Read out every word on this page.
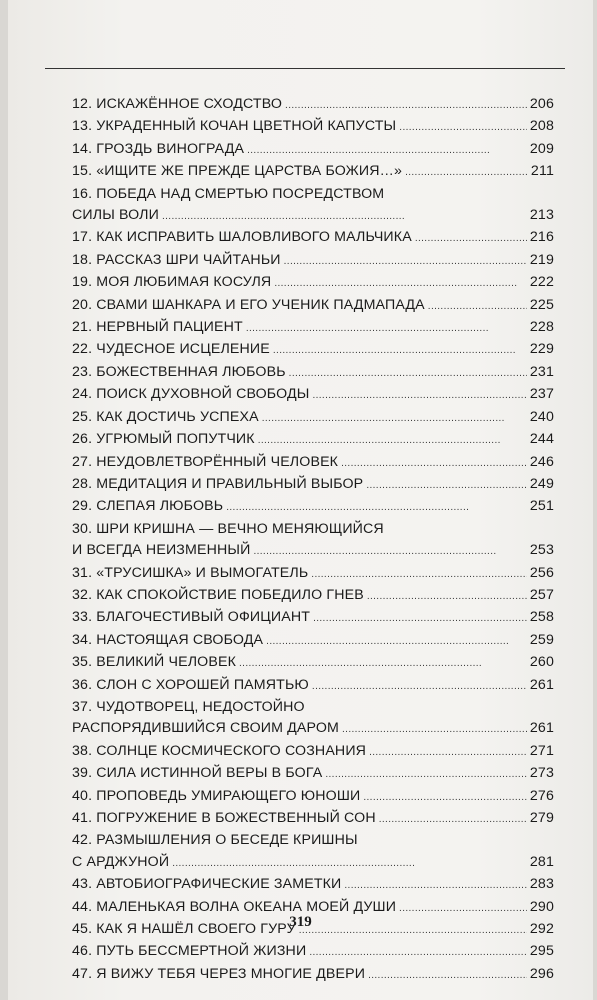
12. ИСКАЖЁННОЕ СХОДСТВО . . .	206
13. УКРАДЕННЫЙ КОЧАН ЦВЕТНОЙ КАПУСТЫ . . .	208
14. ГРОЗДЬ ВИНОГРАДА . . .	209
15. «ИЩИТЕ ЖЕ ПРЕЖДЕ ЦАРСТВА БОЖИЯ…» . . .	211
16. ПОБЕДА НАД СМЕРТЬЮ ПОСРЕДСТВОМ
СИЛЫ ВОЛИ . . .	213
17. КАК ИСПРАВИТЬ ШАЛОВЛИВОГО МАЛЬЧИКА . . .	216
18. РАССКАЗ ШРИ ЧАЙТАНЬИ . . .	219
19. МОЯ ЛЮБИМАЯ КОСУЛЯ . . .	222
20. СВАМИ ШАНКАРА И ЕГО УЧЕНИК ПАДМАПАДА . . .	225
21. НЕРВНЫЙ ПАЦИЕНТ . . .	228
22. ЧУДЕСНОЕ ИСЦЕЛЕНИЕ . . .	229
23. БОЖЕСТВЕННАЯ ЛЮБОВЬ . . .	231
24. ПОИСК ДУХОВНОЙ СВОБОДЫ . . .	237
25. КАК ДОСТИЧЬ УСПЕХА . . .	240
26. УГРЮМЫЙ ПОПУТЧИК . . .	244
27. НЕУДОВЛЕТВОРЁННЫЙ ЧЕЛОВЕК . . .	246
28. МЕДИТАЦИЯ И ПРАВИЛЬНЫЙ ВЫБОР . . .	249
29. СЛЕПАЯ ЛЮБОВЬ . . .	251
30. ШРИ КРИШНА — ВЕЧНО МЕНЯЮЩИЙСЯ
И ВСЕГДА НЕИЗМЕННЫЙ . . .	253
31. «ТРУСИШКА» И ВЫМОГАТЕЛЬ . . .	256
32. КАК СПОКОЙСТВИЕ ПОБЕДИЛО ГНЕВ . . .	257
33. БЛАГОЧЕСТИВЫЙ ОФИЦИАНТ . . .	258
34. НАСТОЯЩАЯ СВОБОДА . . .	259
35. ВЕЛИКИЙ ЧЕЛОВЕК . . .	260
36. СЛОН С ХОРОШЕЙ ПАМЯТЬЮ . . .	261
37. ЧУДОТВОРЕЦ, НЕДОСТОЙНО
РАСПОРЯДИВШИЙСЯ СВОИМ ДАРОМ . . .	261
38. СОЛНЦЕ КОСМИЧЕСКОГО СОЗНАНИЯ . . .	271
39. СИЛА ИСТИННОЙ ВЕРЫ В БОГА . . .	273
40. ПРОПОВЕДЬ УМИРАЮЩЕГО ЮНОШИ . . .	276
41. ПОГРУЖЕНИЕ В БОЖЕСТВЕННЫЙ СОН . . .	279
42. РАЗМЫШЛЕНИЯ О БЕСЕДЕ КРИШНЫ
С АРДЖУНОЙ . . .	281
43. АВТОБИОГРАФИЧЕСКИЕ ЗАМЕТКИ . . .	283
44. МАЛЕНЬКАЯ ВОЛНА ОКЕАНА МОЕЙ ДУШИ . . .	290
45. КАК Я НАШЁЛ СВОЕГО ГУРУ . . .	292
46. ПУТЬ БЕССМЕРТНОЙ ЖИЗНИ . . .	295
47. Я ВИЖУ ТЕБЯ ЧЕРЕЗ МНОГИЕ ДВЕРИ . . .	296
319
